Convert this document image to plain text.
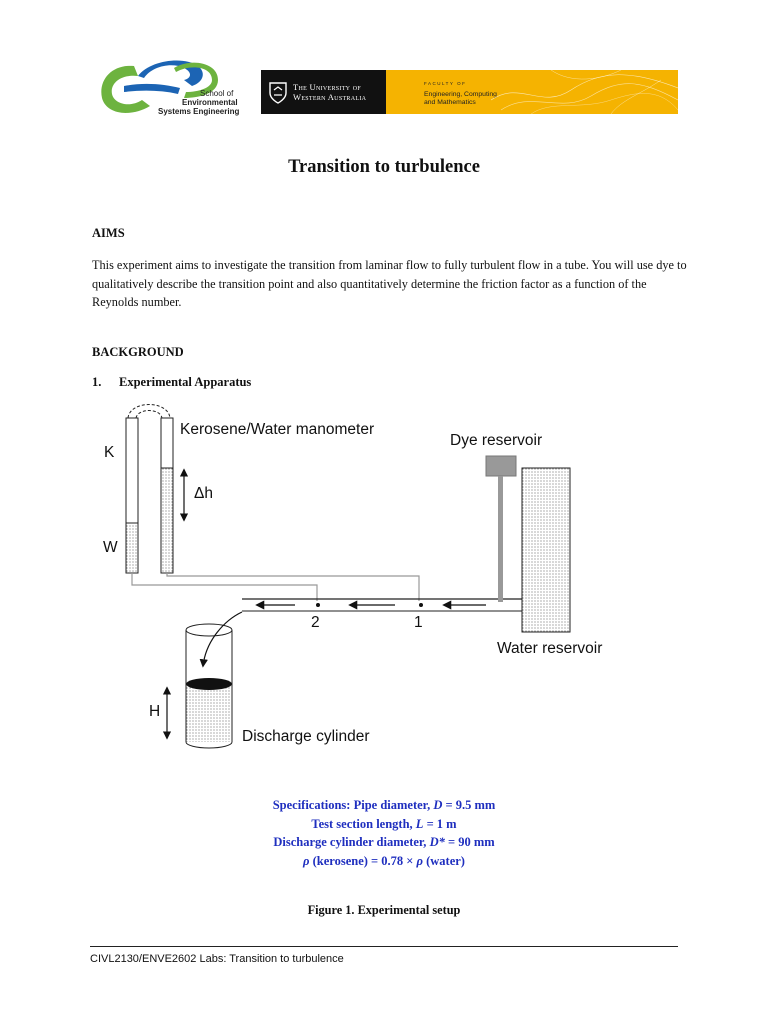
School of
Environmental
Systems Engineering
The University of
Western Australia
FACULTY OF
Engineering, Computing
and Mathematics
Transition to turbulence
AIMS

This experiment aims to investigate the transition from laminar flow to fully turbulent flow in a tube. You will use dye to qualitatively describe the transition point and also quantitatively determine the friction factor as a function of the Reynolds number.

BACKGROUND
1. Experimental Apparatus
Kerosene/Water manometer
K
W
Δh
Dye reservoir
2	1
Water reservoir
H
Discharge cylinder
Specifications: Pipe diameter, D = 9.5 mm
Test section length, L = 1 m
Discharge cylinder diameter, D* = 90 mm
ρ (kerosene) = 0.78 × ρ (water)
Figure 1. Experimental setup
CIVL2130/ENVE2602 Labs: Transition to turbulence
